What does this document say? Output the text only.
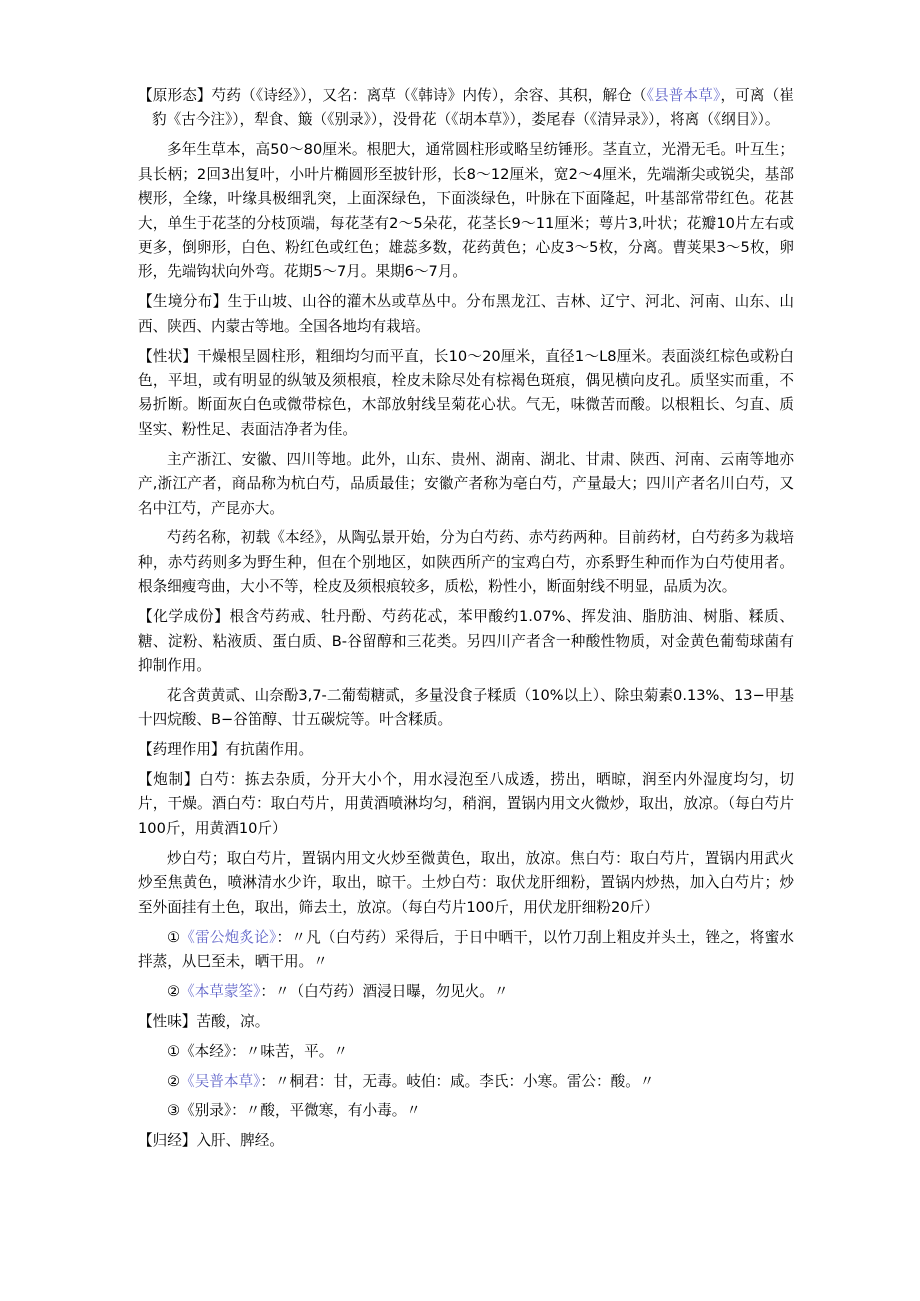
【原形态】芍药（《诗经》），又名：离草（《韩诗》内传），余容、其积，解仓（《县普本草》，可离（崔豹《古今注》），犁食、簸（《别录》），没骨花（《胡本草》），娄尾春（《清异录》），将离（《纲目》）。

多年生草本，高50〜80厘米。根肥大，通常圆柱形或略呈纺锤形。茎直立，光滑无毛。叶互生；具长柄；2回3出复叶，小叶片椭圆形至披针形，长8〜12厘米，宽2〜4厘米，先端渐尖或锐尖，基部楔形，全缘，叶缘具极细乳突，上面深绿色，下面淡绿色，叶脉在下面隆起，叶基部常带红色。花甚大，单生于花茎的分枝顶端，每花茎有2〜5朵花，花茎长9〜11厘米；萼片3,叶状；花瓣10片左右或更多，倒卵形，白色、粉红色或红色；雄蕊多数，花药黄色；心皮3〜5枚，分离。曹荚果3〜5枚，卵形，先端钩状向外弯。花期5〜7月。果期6〜7月。

【生境分布】生于山坡、山谷的灌木丛或草丛中。分布黑龙江、吉林、辽宁、河北、河南、山东、山西、陕西、内蒙古等地。全国各地均有栽培。

【性状】干燥根呈圆柱形，粗细均匀而平直，长10〜20厘米，直径1〜L8厘米。表面淡红棕色或粉白色，平坦，或有明显的纵皱及须根痕，栓皮未除尽处有棕褐色斑痕，偶见横向皮孔。质坚实而重，不易折断。断面灰白色或微带棕色，木部放射线呈菊花心状。气无，味微苦而酸。以根粗长、匀直、质坚实、粉性足、表面洁净者为佳。

主产浙江、安徽、四川等地。此外，山东、贵州、湖南、湖北、甘肃、陕西、河南、云南等地亦产,浙江产者，商品称为杭白芍，品质最佳；安徽产者称为亳白芍，产量最大；四川产者名川白芍，又名中江芍，产昆亦大。

芍药名称，初载《本经》，从陶弘景开始，分为白芍药、赤芍药两种。目前药材，白芍药多为栽培种，赤芍药则多为野生种，但在个别地区，如陕西所产的宝鸡白芍，亦系野生种而作为白芍使用者。根条细瘦弯曲，大小不等，栓皮及须根痕较多，质松，粉性小，断面射线不明显，品质为次。

【化学成份】根含芍药戒、牡丹酚、芍药花忒，苯甲酸约1.07%、挥发油、脂肪油、树脂、糅质、糖、淀粉、粘液质、蛋白质、B-谷留醇和三花类。另四川产者含一种酸性物质，对金黄色葡萄球菌有抑制作用。

花含黄黄贰、山奈酚3,7-二葡萄糖贰，多量没食子糅质（10%以上）、除虫菊素0.13%、13−甲基十四烷酸、B−谷笛醇、廿五碳烷等。叶含糅质。

【药理作用】有抗菌作用。

【炮制】白芍：拣去杂质，分开大小个，用水浸泡至八成透，捞出，晒晾，润至内外湿度均匀，切片，干燥。酒白芍：取白芍片，用黄酒喷淋均匀，稍润，置锅内用文火微炒，取出，放凉。（每白芍片100斤，用黄酒10斤）

炒白芍；取白芍片，置锅内用文火炒至微黄色，取出，放凉。焦白芍：取白芍片，置锅内用武火炒至焦黄色，喷淋清水少许，取出，晾干。土炒白芍：取伏龙肝细粉，置锅内炒热，加入白芍片；炒至外面挂有土色，取出，筛去土，放凉。（每白芍片100斤，用伏龙肝细粉20斤）

①《雷公炮炙论》：〃凡（白芍药）采得后，于日中晒干，以竹刀刮上粗皮并头土，锉之，将蜜水拌蒸，从巳至未，晒干用。〃

②《本草蒙筌》：〃（白芍药）酒浸日曝，勿见火。〃

【性味】苦酸，凉。

①《本经》：〃味苦，平。〃

②《吴普本草》：〃桐君：甘，无毒。岐伯：咸。李氏：小寒。雷公：酸。〃

③《别录》：〃酸，平微寒，有小毒。〃

【归经】入肝、脾经。
